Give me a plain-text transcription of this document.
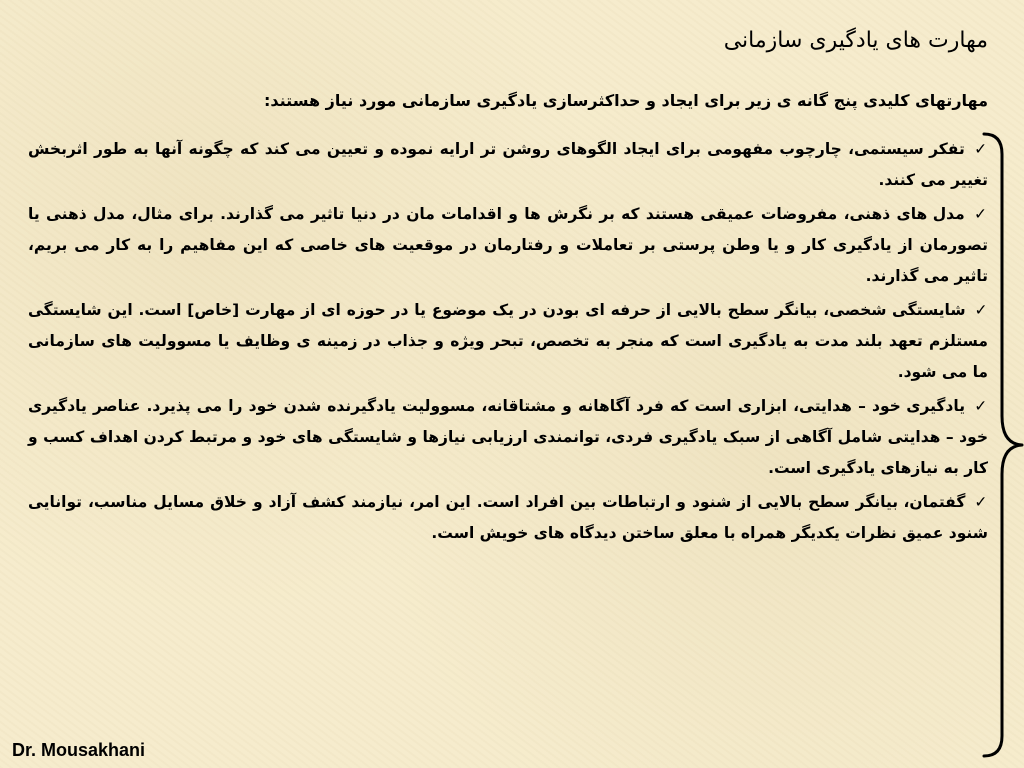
مهارت های یادگیری سازمانی
مهارتهای کلیدی پنج گانه ی زیر برای ایجاد و حداکثرسازی یادگیری سازمانی مورد نیاز هستند:
✓ تفکر سیستمی، چارچوب مفهومی برای ایجاد الگوهای روشن تر ارایه نموده و تعیین می کند که چگونه آنها به طور اثربخش تغییر می کنند.
✓ مدل های ذهنی، مفروضات عمیقی هستند که بر نگرش ها و اقدامات مان در دنیا تاثیر می گذارند. برای مثال، مدل ذهنی یا تصورمان از یادگیری کار و یا وطن پرستی بر تعاملات و رفتارمان در موقعیت های خاصی که این مفاهیم را به کار می بریم، تاثیر می گذارند.
✓ شایستگی شخصی، بیانگر سطح بالایی از حرفه ای بودن در یک موضوع یا در حوزه ای از مهارت [خاص] است. این شایستگی مستلزم تعهد بلند مدت به یادگیری است که منجر به تخصص، تبحر ویژه و جذاب در زمینه ی وظایف یا مسوولیت های سازمانی ما می شود.
✓ یادگیری خود – هدایتی، ابزاری است که فرد آگاهانه و مشتاقانه، مسوولیت یادگیرنده شدن خود را می پذیرد. عناصر یادگیری خود – هدایتی شامل آگاهی از سبک یادگیری فردی، توانمندی ارزیابی نیازها و شایستگی های خود و مرتبط کردن اهداف کسب و کار به نیازهای یادگیری است.
✓ گفتمان، بیانگر سطح بالایی از شنود و ارتباطات بین افراد است. این امر، نیازمند کشف آزاد و خلاق مسایل مناسب، توانایی شنود عمیق نظرات یکدیگر همراه با معلق ساختن دیدگاه های خویش است.
Dr. Mousakhani
